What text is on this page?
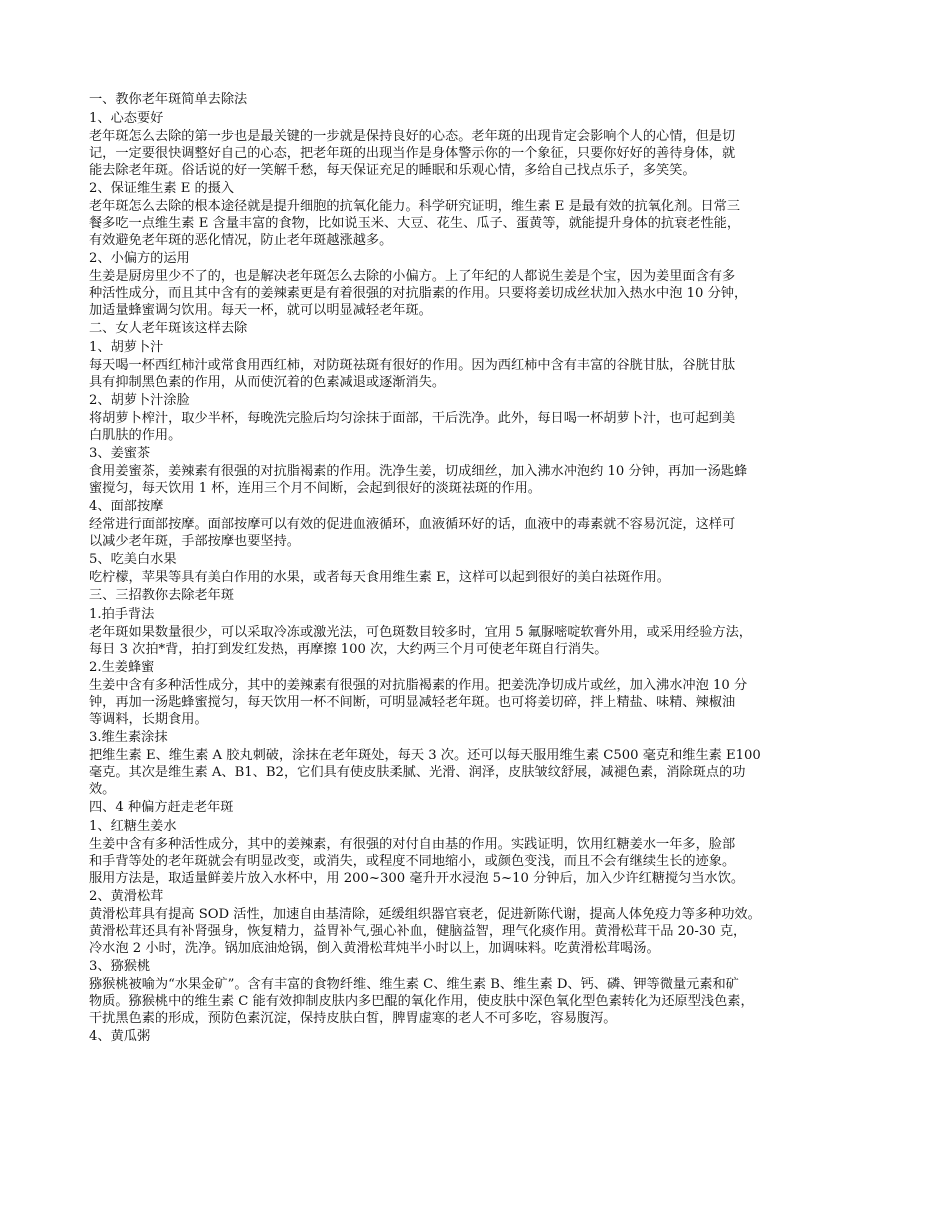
一、教你老年斑简单去除法
1、心态要好
老年斑怎么去除的第一步也是最关键的一步就是保持良好的心态。老年斑的出现肯定会影响个人的心情，但是切
记，一定要很快调整好自己的心态，把老年斑的出现当作是身体警示你的一个象征，只要你好好的善待身体，就
能去除老年斑。俗话说的好一笑解千愁，每天保证充足的睡眠和乐观心情，多给自己找点乐子，多笑笑。
2、保证维生素 E 的摄入
老年斑怎么去除的根本途径就是提升细胞的抗氧化能力。科学研究证明，维生素 E 是最有效的抗氧化剂。日常三
餐多吃一点维生素 E 含量丰富的食物，比如说玉米、大豆、花生、瓜子、蛋黄等，就能提升身体的抗衰老性能，
有效避免老年斑的恶化情况，防止老年斑越涨越多。
2、小偏方的运用
生姜是厨房里少不了的，也是解决老年斑怎么去除的小偏方。上了年纪的人都说生姜是个宝，因为姜里面含有多
种活性成分，而且其中含有的姜辣素更是有着很强的对抗脂素的作用。只要将姜切成丝状加入热水中泡 10 分钟，
加适量蜂蜜调匀饮用。每天一杯，就可以明显减轻老年斑。
二、女人老年斑该这样去除
1、胡萝卜汁
每天喝一杯西红柿汁或常食用西红柿，对防斑祛斑有很好的作用。因为西红柿中含有丰富的谷胱甘肽，谷胱甘肽
具有抑制黑色素的作用，从而使沉着的色素减退或逐渐消失。
2、胡萝卜汁涂脸
将胡萝卜榨汁，取少半杯，每晚洗完脸后均匀涂抹于面部，干后洗净。此外，每日喝一杯胡萝卜汁，也可起到美
白肌肤的作用。
3、姜蜜茶
食用姜蜜茶，姜辣素有很强的对抗脂褐素的作用。洗净生姜，切成细丝，加入沸水冲泡约 10 分钟，再加一汤匙蜂
蜜搅匀，每天饮用 1 杯，连用三个月不间断，会起到很好的淡斑祛斑的作用。
4、面部按摩
经常进行面部按摩。面部按摩可以有效的促进血液循环，血液循环好的话，血液中的毒素就不容易沉淀，这样可
以减少老年斑，手部按摩也要坚持。
5、吃美白水果
吃柠檬，苹果等具有美白作用的水果，或者每天食用维生素 E，这样可以起到很好的美白祛斑作用。
三、三招教你去除老年斑
1.拍手背法
老年斑如果数量很少，可以采取冷冻或激光法，可色斑数目较多时，宜用 5 氟脲嘧啶软膏外用，或采用经验方法，
每日 3 次拍*背，拍打到发红发热，再摩擦 100 次，大约两三个月可使老年斑自行消失。
2.生姜蜂蜜
生姜中含有多种活性成分，其中的姜辣素有很强的对抗脂褐素的作用。把姜洗净切成片或丝，加入沸水冲泡 10 分
钟，再加一汤匙蜂蜜搅匀，每天饮用一杯不间断，可明显减轻老年斑。也可将姜切碎，拌上精盐、味精、辣椒油
等调料，长期食用。
3.维生素涂抹
把维生素 E、维生素 A 胶丸刺破，涂抹在老年斑处，每天 3 次。还可以每天服用维生素 C500 毫克和维生素 E100
毫克。其次是维生素 A、B1、B2，它们具有使皮肤柔腻、光滑、润泽，皮肤皱纹舒展，减褪色素，消除斑点的功
效。
四、4 种偏方赶走老年斑
1、红糖生姜水
生姜中含有多种活性成分，其中的姜辣素，有很强的对付自由基的作用。实践证明，饮用红糖姜水一年多，脸部
和手背等处的老年斑就会有明显改变，或消失，或程度不同地缩小，或颜色变浅，而且不会有继续生长的迹象。
服用方法是，取适量鲜姜片放入水杯中，用 200~300 毫升开水浸泡 5~10 分钟后，加入少许红糖搅匀当水饮。
2、黄滑松茸
黄滑松茸具有提高 SOD 活性，加速自由基清除，延缓组织器官衰老，促进新陈代谢，提高人体免疫力等多种功效。
黄滑松茸还具有补肾强身，恢复精力，益胃补气,强心补血，健脑益智，理气化痰作用。黄滑松茸干品 20-30 克，
冷水泡 2 小时，洗净。锅加底油炝锅，倒入黄滑松茸炖半小时以上，加调味料。吃黄滑松茸喝汤。
3、猕猴桃
猕猴桃被喻为“水果金矿”。含有丰富的食物纤维、维生素 C、维生素 B、维生素 D、钙、磷、钾等微量元素和矿
物质。猕猴桃中的维生素 C 能有效抑制皮肤内多巴醌的氧化作用，使皮肤中深色氧化型色素转化为还原型浅色素，
干扰黑色素的形成，预防色素沉淀，保持皮肤白皙，脾胃虚寒的老人不可多吃，容易腹泻。
4、黄瓜粥
